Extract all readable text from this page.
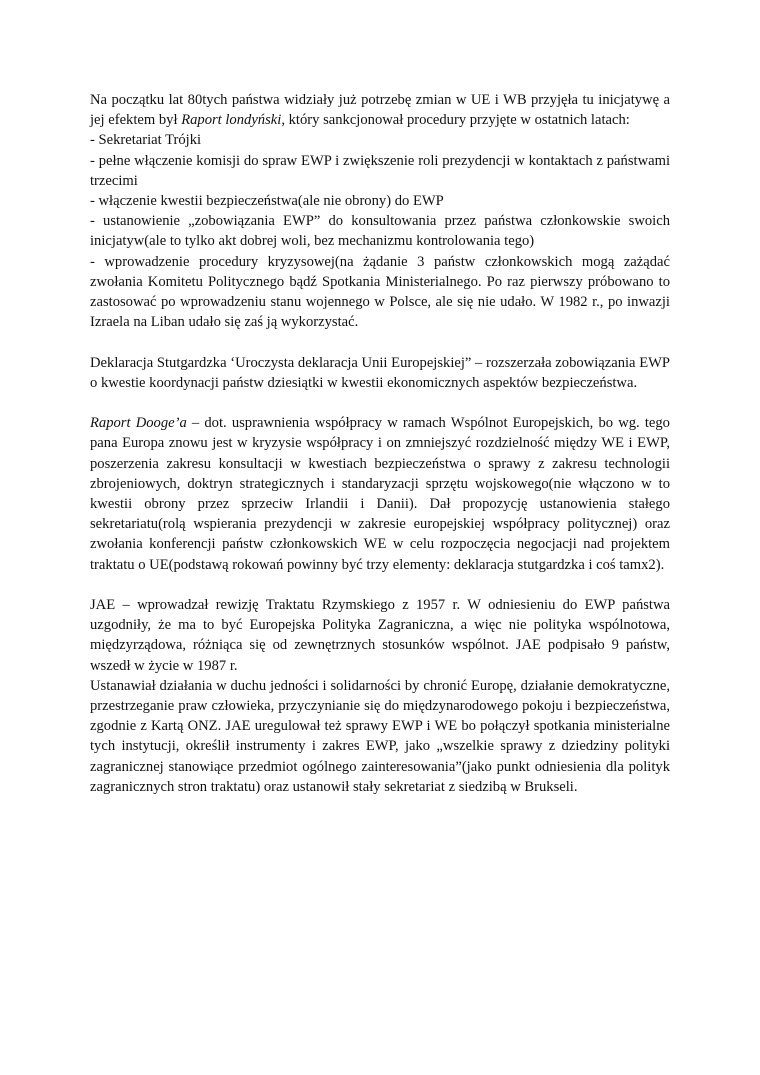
Na początku lat 80tych państwa widziały już potrzebę zmian w UE i WB przyjęła tu inicjatywę a jej efektem był Raport londyński, który sankcjonował procedury przyjęte w ostatnich latach:

- Sekretariat Trójki

- pełne włączenie komisji do spraw EWP i zwiększenie roli prezydencji w kontaktach z państwami trzecimi

- włączenie kwestii bezpieczeństwa(ale nie obrony) do EWP

- ustanowienie „zobowiązania EWP” do konsultowania przez państwa członkowskie swoich inicjatyw(ale to tylko akt dobrej woli, bez mechanizmu kontrolowania tego)

- wprowadzenie procedury kryzysowej(na żądanie 3 państw członkowskich mogą zażądać zwołania Komitetu Politycznego bądź Spotkania Ministerialnego. Po raz pierwszy próbowano to zastosować po wprowadzeniu stanu wojennego w Polsce, ale się nie udało. W 1982 r., po inwazji Izraela na Liban udało się zaś ją wykorzystać.

Deklaracja Stutgardzka ‘Uroczysta deklaracja Unii Europejskiej” – rozszerzała zobowiązania EWP o kwestie koordynacji państw dziesiątki w kwestii ekonomicznych aspektów bezpieczeństwa.

Raport Dooge’a – dot. usprawnienia współpracy w ramach Wspólnot Europejskich, bo wg. tego pana Europa znowu jest w kryzysie współpracy i on zmniejszyć rozdzielność między WE i EWP, poszerzenia zakresu konsultacji w kwestiach bezpieczeństwa o sprawy z zakresu technologii zbrojeniowych, doktryn strategicznych i standaryzacji sprzętu wojskowego(nie włączono w to kwestii obrony przez sprzeciw Irlandii i Danii). Dał propozycję ustanowienia stałego sekretariatu(rolą wspierania prezydencji w zakresie europejskiej współpracy politycznej) oraz zwołania konferencji państw członkowskich WE w celu rozpoczęcia negocjacji nad projektem traktatu o UE(podstawą rokowań powinny być trzy elementy: deklaracja stutgardzka i coś tamx2).

JAE – wprowadzał rewizję Traktatu Rzymskiego z 1957 r. W odniesieniu do EWP państwa uzgodniły, że ma to być Europejska Polityka Zagraniczna, a więc nie polityka wspólnotowa, międzyrządowa, różniąca się od zewnętrznych stosunków wspólnot. JAE podpisało 9 państw, wszedł w życie w 1987 r.

Ustanawiał działania w duchu jedności i solidarności by chronić Europę, działanie demokratyczne, przestrzeganie praw człowieka, przyczynianie się do międzynarodowego pokoju i bezpieczeństwa, zgodnie z Kartą ONZ. JAE uregulował też sprawy EWP i WE bo połączył spotkania ministerialne tych instytucji, określił instrumenty i zakres EWP, jako „wszelkie sprawy z dziedziny polityki zagranicznej stanowiące przedmiot ogólnego zainteresowania”(jako punkt odniesienia dla polityk zagranicznych stron traktatu) oraz ustanowił stały sekretariat z siedzibą w Brukseli.
